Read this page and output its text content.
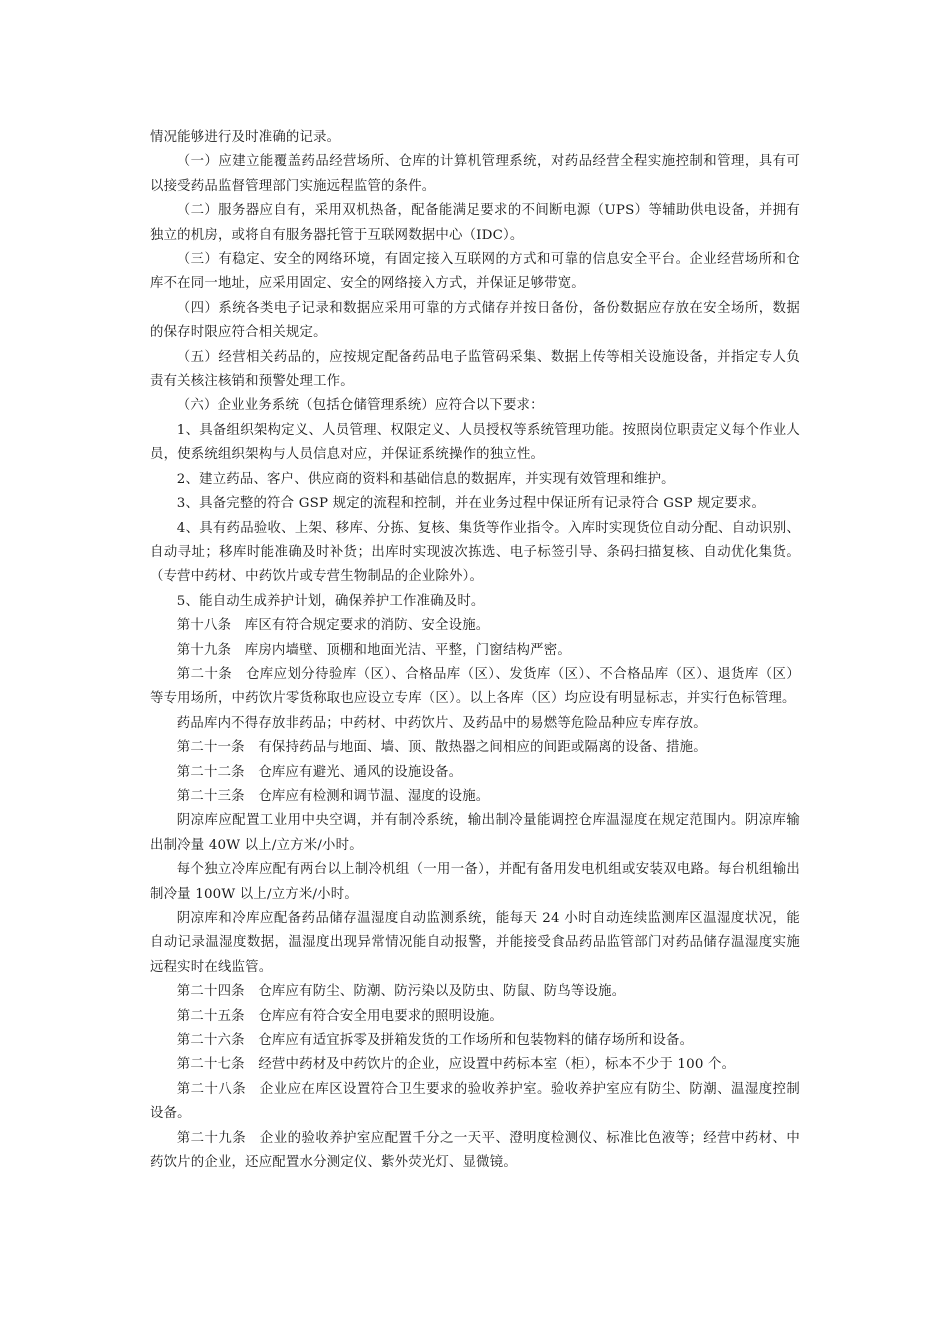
情况能够进行及时准确的记录。

（一）应建立能覆盖药品经营场所、仓库的计算机管理系统，对药品经营全程实施控制和管理，具有可以接受药品监督管理部门实施远程监管的条件。

（二）服务器应自有，采用双机热备，配备能满足要求的不间断电源（UPS）等辅助供电设备，并拥有独立的机房，或将自有服务器托管于互联网数据中心（IDC）。

（三）有稳定、安全的网络环境，有固定接入互联网的方式和可靠的信息安全平台。企业经营场所和仓库不在同一地址，应采用固定、安全的网络接入方式，并保证足够带宽。

（四）系统各类电子记录和数据应采用可靠的方式储存并按日备份，备份数据应存放在安全场所，数据的保存时限应符合相关规定。

（五）经营相关药品的，应按规定配备药品电子监管码采集、数据上传等相关设施设备，并指定专人负责有关核注核销和预警处理工作。

（六）企业业务系统（包括仓储管理系统）应符合以下要求：

1、具备组织架构定义、人员管理、权限定义、人员授权等系统管理功能。按照岗位职责定义每个作业人员，使系统组织架构与人员信息对应，并保证系统操作的独立性。

2、建立药品、客户、供应商的资料和基础信息的数据库，并实现有效管理和维护。

3、具备完整的符合 GSP 规定的流程和控制，并在业务过程中保证所有记录符合 GSP 规定要求。

4、具有药品验收、上架、移库、分拣、复核、集货等作业指令。入库时实现货位自动分配、自动识别、自动寻址；移库时能准确及时补货；出库时实现波次拣选、电子标签引导、条码扫描复核、自动优化集货。（专营中药材、中药饮片或专营生物制品的企业除外）。

5、能自动生成养护计划，确保养护工作准确及时。

第十八条　库区有符合规定要求的消防、安全设施。

第十九条　库房内墙壁、顶棚和地面光洁、平整，门窗结构严密。

第二十条　仓库应划分待验库（区）、合格品库（区）、发货库（区）、不合格品库（区）、退货库（区）等专用场所，中药饮片零货称取也应设立专库（区）。以上各库（区）均应设有明显标志，并实行色标管理。

药品库内不得存放非药品；中药材、中药饮片、及药品中的易燃等危险品种应专库存放。

第二十一条　有保持药品与地面、墙、顶、散热器之间相应的间距或隔离的设备、措施。

第二十二条　仓库应有避光、通风的设施设备。

第二十三条　仓库应有检测和调节温、湿度的设施。

阴凉库应配置工业用中央空调，并有制冷系统，输出制冷量能调控仓库温湿度在规定范围内。阴凉库输出制冷量 40W 以上/立方米/小时。

每个独立冷库应配有两台以上制冷机组（一用一备），并配有备用发电机组或安装双电路。每台机组输出制冷量 100W 以上/立方米/小时。

阴凉库和冷库应配备药品储存温湿度自动监测系统，能每天 24 小时自动连续监测库区温湿度状况，能自动记录温湿度数据，温湿度出现异常情况能自动报警，并能接受食品药品监管部门对药品储存温湿度实施远程实时在线监管。

第二十四条　仓库应有防尘、防潮、防污染以及防虫、防鼠、防鸟等设施。

第二十五条　仓库应有符合安全用电要求的照明设施。

第二十六条　仓库应有适宜拆零及拼箱发货的工作场所和包装物料的储存场所和设备。

第二十七条　经营中药材及中药饮片的企业，应设置中药标本室（柜），标本不少于 100 个。

第二十八条　企业应在库区设置符合卫生要求的验收养护室。验收养护室应有防尘、防潮、温湿度控制设备。

第二十九条　企业的验收养护室应配置千分之一天平、澄明度检测仪、标准比色液等；经营中药材、中药饮片的企业，还应配置水分测定仪、紫外荧光灯、显微镜。
